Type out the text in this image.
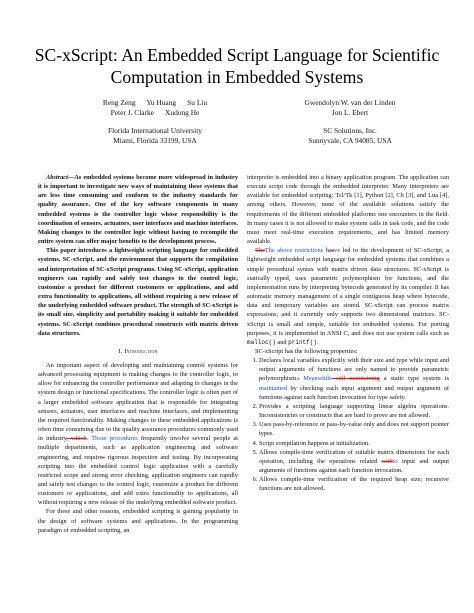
SC-xScript: An Embedded Script Language for Scientific Computation in Embedded Systems
Reng Zeng      Yu Huang      Su Liu
Peter J. Clarke      Xudong He
Florida International University
Miami, Florida 33199, USA
Gwendolyn W. van der Linden
Jon L. Ebert
SC Solutions, Inc.
Sunnyvale, CA 94085, USA

Abstract—As embedded systems become more widespread in industry it is important to investigate new ways of maintaining these systems that are less time consuming and conform to the industry standards for quality assurance. One of the key software components in many embedded systems is the controller logic whose responsibility is the coordination of sensors, actuators, user interfaces and machine interfaces. Making changes to the controller logic without having to recompile the entire system can offer major benefits to the development process.

This paper introduces a lightweight scripting language for embedded systems, SC-xScript, and the environment that supports the compilation and interpretation of SC-xScript programs. Using SC-xScript, application engineers can rapidly and safely test changes to the control logic, customize a product for different customers or applications, and add extra functionality to applications, all without requiring a new release of the underlying embedded software product. The strength of SC-xScript is its small size, simplicity and portability making it suitable for embedded systems. SC-xScript combines procedural constructs with matrix driven data structures.

I. Introduction

An important aspect of developing and maintaining control systems for advanced processing equipment is making changes to the controller logic, to allow for enhancing the controller performance and adapting to changes in the system design or functional specifications. The controller logic is often part of a larger embedded software application that is responsible for integrating sensors, actuators, user interfaces and machine interfaces, and implementing the required functionality. Making changes to these embedded applications is often time consuming due to the quality assurance procedures commonly used in industry, which. Those procedures frequently involve several people at multiple departments, such as application engineering and software engineering, and requires rigorous inspection and testing. By incorporating scripting into the embedded control logic application with a carefully restricted scope and strong error checking, application engineers can rapidly and safely test changes to the control logic, customize a product for different customers or applications, and add extra functionality to applications, all without requiring a new release of the underlying embedded software product.

For these and other reasons, embedded scripting is gaining popularity in the design of software systems and applications. In the programming paradigm of embedded scripting, an

interpreter is embedded into a binary application program. The application can execute script code through the embedded interpreter. Many interpreters are available for embedded scripting: Tcl/Tk [1], Python [2], Ch [3], and Lua [4], among others. However, none of the available solutions satisfy the requirements of the different embedded platforms one encounters in the field. In many cases it is not allowed to make system calls in task code, and the code must meet real-time execution requirements, and has limited memory available.

TheThe above restrictions hasve led to the development of SC-xScript, a lightweight embedded script language for embedded systems that combines a simple procedural syntax with matrix driven data structures. SC-xScript is statically typed, uses parametric polymorphism for functions, and the implementation runs by interpreting bytecode generated by its compiler. It has automatic memory management of a single contiguous heap where bytecode, data and temporary variables are stored. SC-xScript can process matrix expressions, and it currently only supports two dimensional matrices. SC-xScript is small and simple, suitable for embedded systems. For porting purposes, it is implemented in ANSI C, and does not use system calls such as malloc() and printf().

SC-xScript has the following properties:

1. Declares local variables explicitly with their size and type while input and output arguments of functions are only named to provide parametric polymorphism., Meanwhile still maintaining a static type system is maintained by checking each input argument and output argument of functions against each function invocation for type safety.
2. Provides a scripting language supporting linear algebra operations. Inconsistencies or constructs that are hard to prove are not allowed.
3. Uses pass-by-reference or pass-by-value only and does not support pointer types.
4. Script compilation happens at initialization.
5. Allows compile-time verification of suitable matrix dimensions for each operation, including the operations related withto input and output arguments of functions against each function invocation.
6. Allows compile-time verification of the required heap size; recursive functions are not allowed.
